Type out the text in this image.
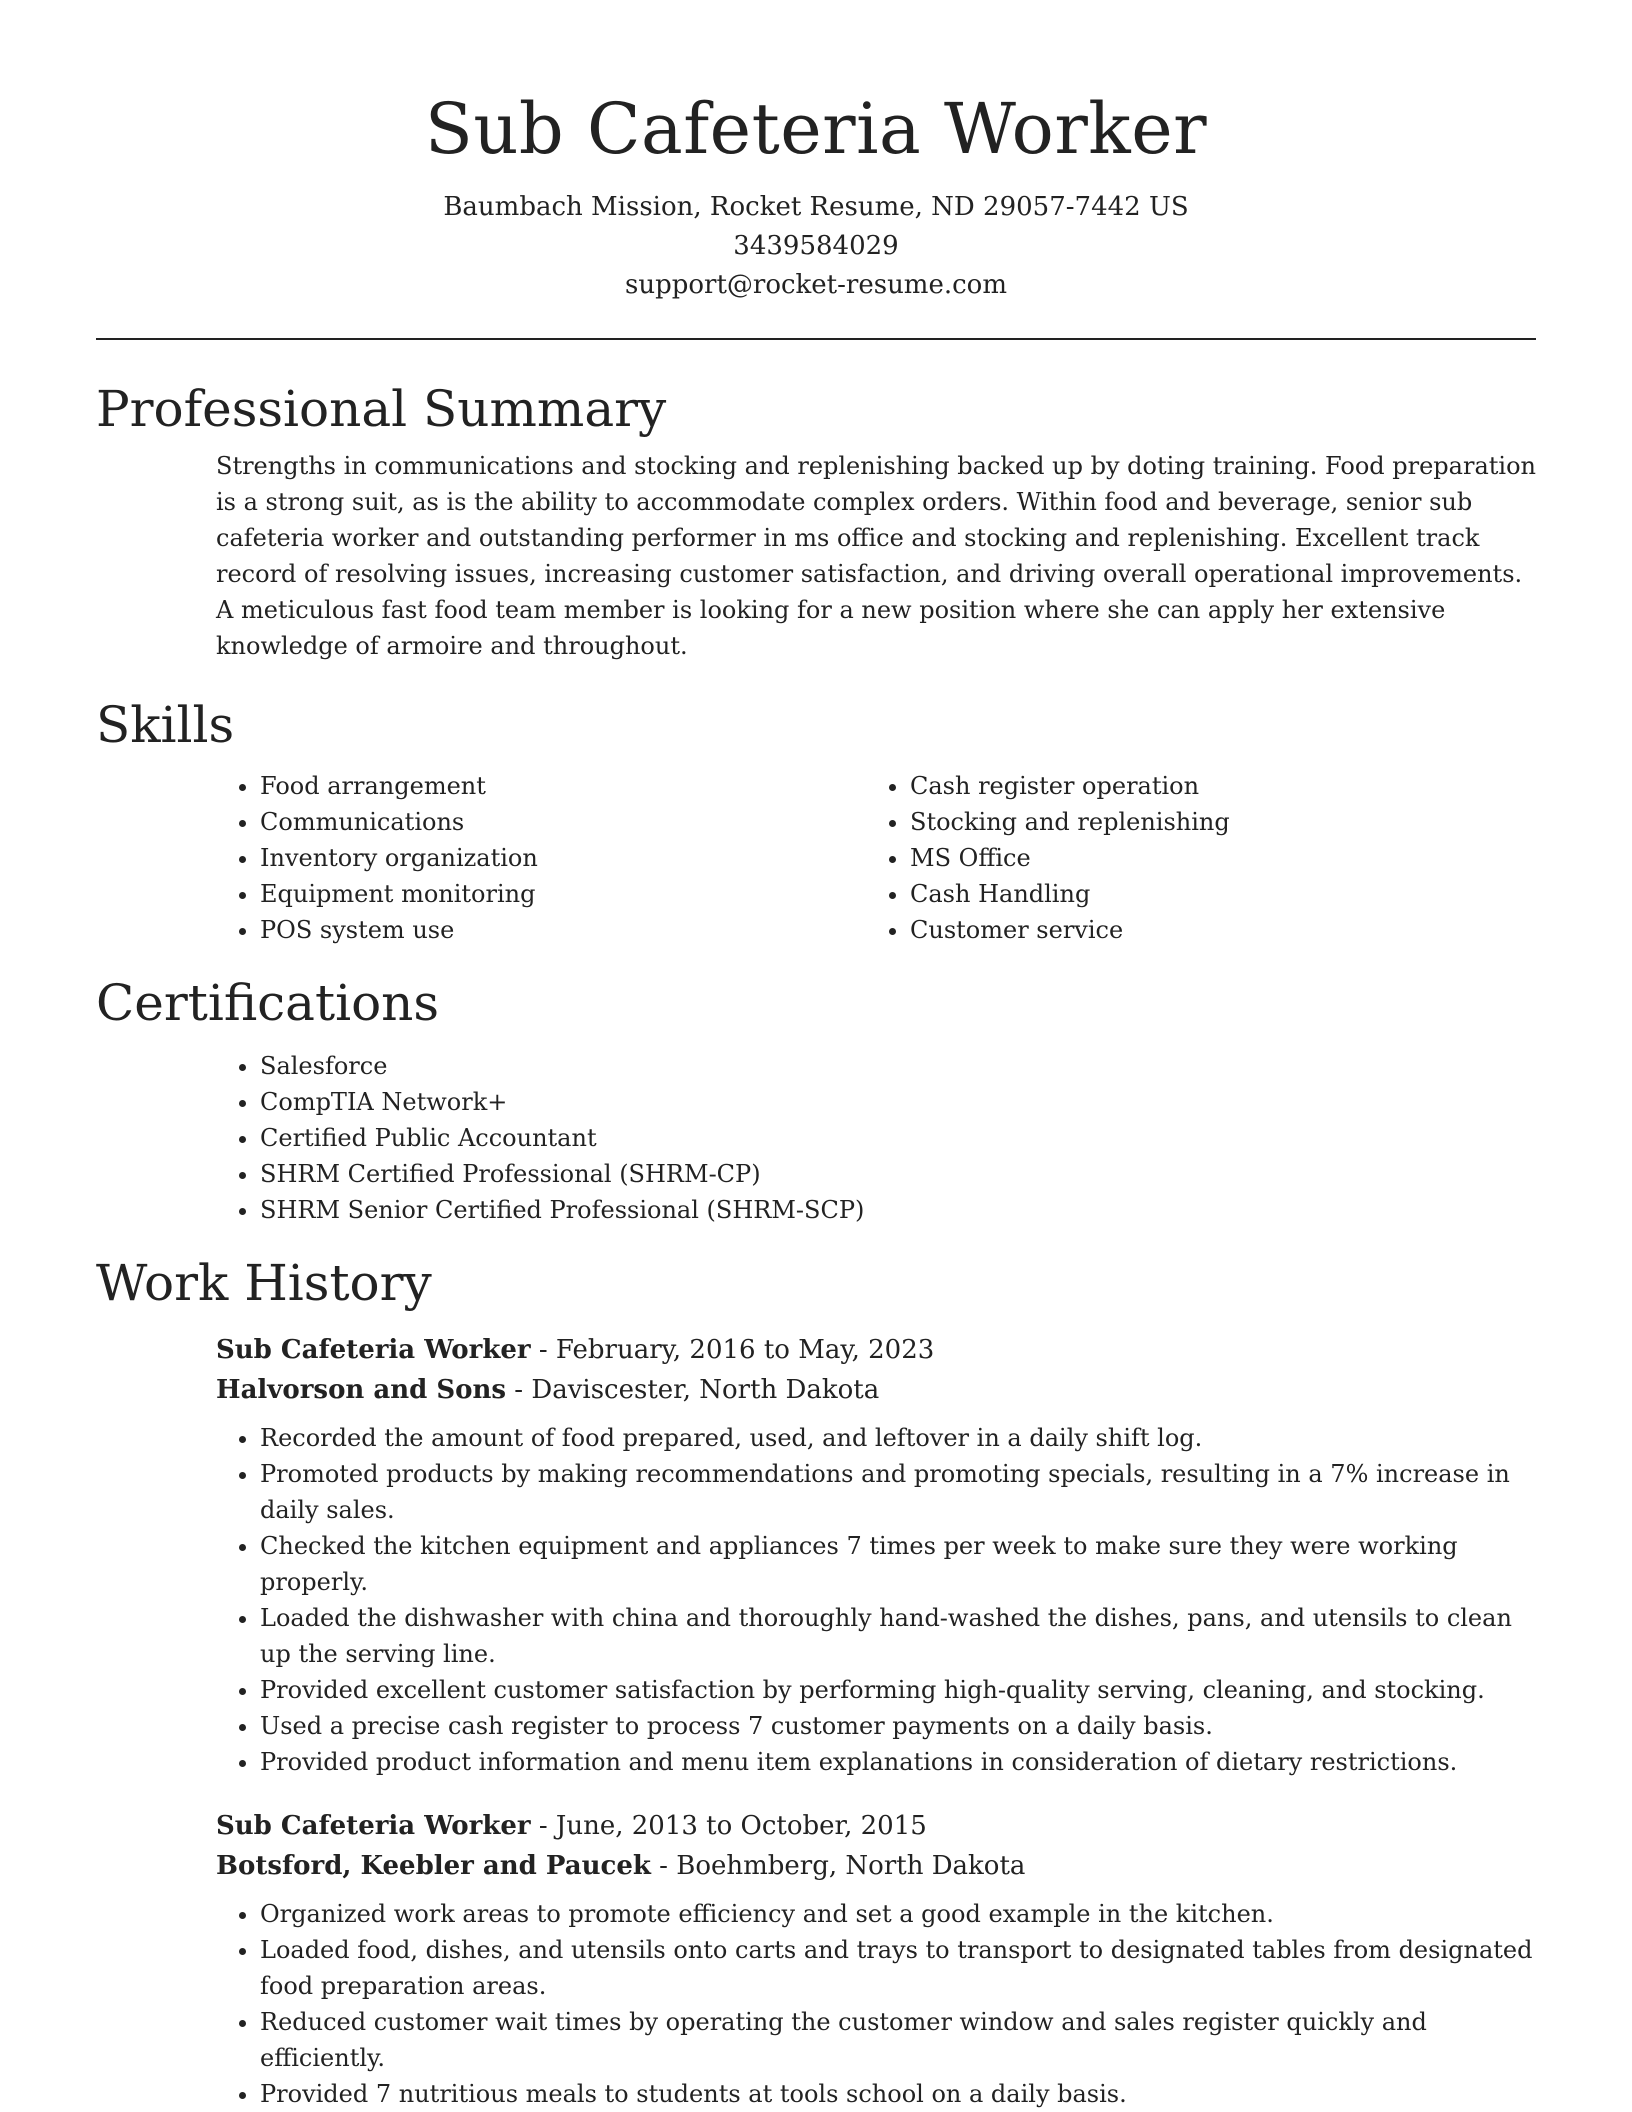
Sub Cafeteria Worker
Baumbach Mission, Rocket Resume, ND 29057-7442 US
3439584029
support@rocket-resume.com
Professional Summary

Strengths in communications and stocking and replenishing backed up by doting training. Food preparation is a strong suit, as is the ability to accommodate complex orders. Within food and beverage, senior sub cafeteria worker and outstanding performer in ms office and stocking and replenishing. Excellent track record of resolving issues, increasing customer satisfaction, and driving overall operational improvements. A meticulous fast food team member is looking for a new position where she can apply her extensive knowledge of armoire and throughout.

Skills
• Food arrangement
• Communications
• Inventory organization
• Equipment monitoring
• POS system use
• Cash register operation
• Stocking and replenishing
• MS Office
• Cash Handling
• Customer service
Certifications
• Salesforce
• CompTIA Network+
• Certified Public Accountant
• SHRM Certified Professional (SHRM-CP)
• SHRM Senior Certified Professional (SHRM-SCP)
Work History
Sub Cafeteria Worker - February, 2016 to May, 2023
Halvorson and Sons - Daviscester, North Dakota
• Recorded the amount of food prepared, used, and leftover in a daily shift log.
• Promoted products by making recommendations and promoting specials, resulting in a 7% increase in daily sales.
• Checked the kitchen equipment and appliances 7 times per week to make sure they were working properly.
• Loaded the dishwasher with china and thoroughly hand-washed the dishes, pans, and utensils to clean up the serving line.
• Provided excellent customer satisfaction by performing high-quality serving, cleaning, and stocking.
• Used a precise cash register to process 7 customer payments on a daily basis.
• Provided product information and menu item explanations in consideration of dietary restrictions.
Sub Cafeteria Worker - June, 2013 to October, 2015
Botsford, Keebler and Paucek - Boehmberg, North Dakota
• Organized work areas to promote efficiency and set a good example in the kitchen.
• Loaded food, dishes, and utensils onto carts and trays to transport to designated tables from designated food preparation areas.
• Reduced customer wait times by operating the customer window and sales register quickly and efficiently.
• Provided 7 nutritious meals to students at tools school on a daily basis.
